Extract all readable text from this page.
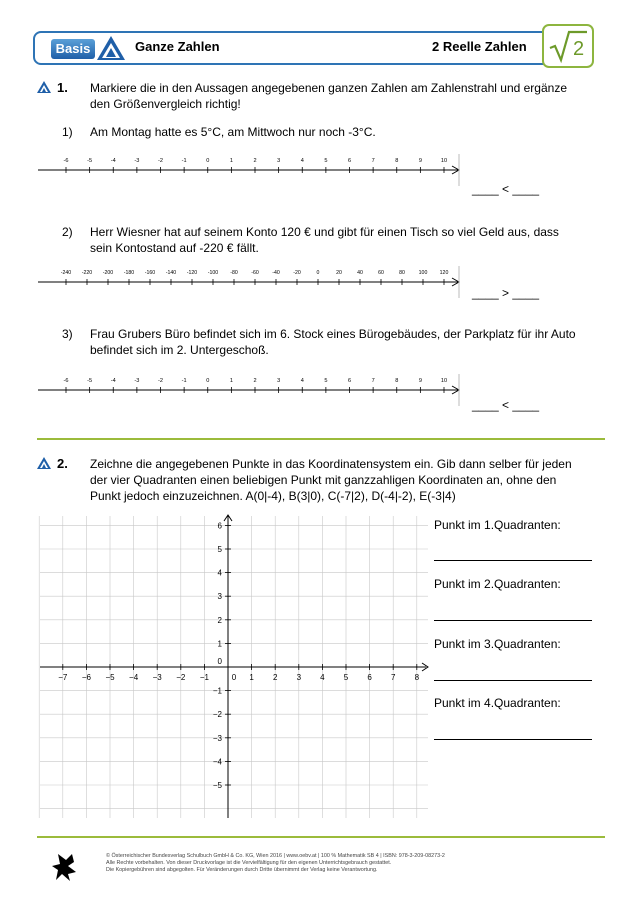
Basis	Ganze Zahlen	2 Reelle Zahlen 2
1. Markiere die in den Aussagen angegebenen ganzen Zahlen am Zahlenstrahl und ergänze
den Größenvergleich richtig!
1) Am Montag hatte es 5°C, am Mittwoch nur noch -3°C.
-6	-5	-4	-3	-2	-1	0	1	2	3	4	5	6	7	8	9	10
____ < ____
2) Herr Wiesner hat auf seinem Konto 120 € und gibt für einen Tisch so viel Geld aus, dass
sein Kontostand auf -220 € fällt.
-240 -220 -200 -180 -160 -140 -120 -100 -80	-60	-40	-20	0	20	40	60	80	100 120
____ > ____
3) Frau Grubers Büro befindet sich im 6. Stock eines Bürogebäudes, der Parkplatz für ihr Auto
befindet sich im 2. Untergeschoß.
-6	-5	-4	-3	-2	-1	0	1	2	3	4	5	6	7	8	9	10
____ < ____
2. Zeichne die angegebenen Punkte in das Koordinatensystem ein. Gib dann selber für jeden
der vier Quadranten einen beliebigen Punkt mit ganzzahligen Koordinaten an, ohne den
Punkt jedoch einzuzeichnen. A(0|-4), B(3|0), C(-7|2), D(-4|-2), E(-3|4)
−7 −6 −5 −4 −3 −2 −1	0 1 2 3 4 5 6 7 8
6
5
4
3
2
1
−1
−2
−3
−4
−5
0
Punkt im 1.Quadranten:
Punkt im 2.Quadranten:
Punkt im 3.Quadranten:
Punkt im 4.Quadranten:
© Österreichischer Bundesverlag Schulbuch GmbH & Co. KG, Wien 2016 | www.oebv.at | 100 % Mathematik SB 4 | ISBN: 978-3-209-08273-2
Alle Rechte vorbehalten. Von dieser Druckvorlage ist die Vervielfältigung für den eigenen Unterrichtsgebrauch gestattet.
Die Kopiergebühren sind abgegolten. Für Veränderungen durch Dritte übernimmt der Verlag keine Verantwortung.
